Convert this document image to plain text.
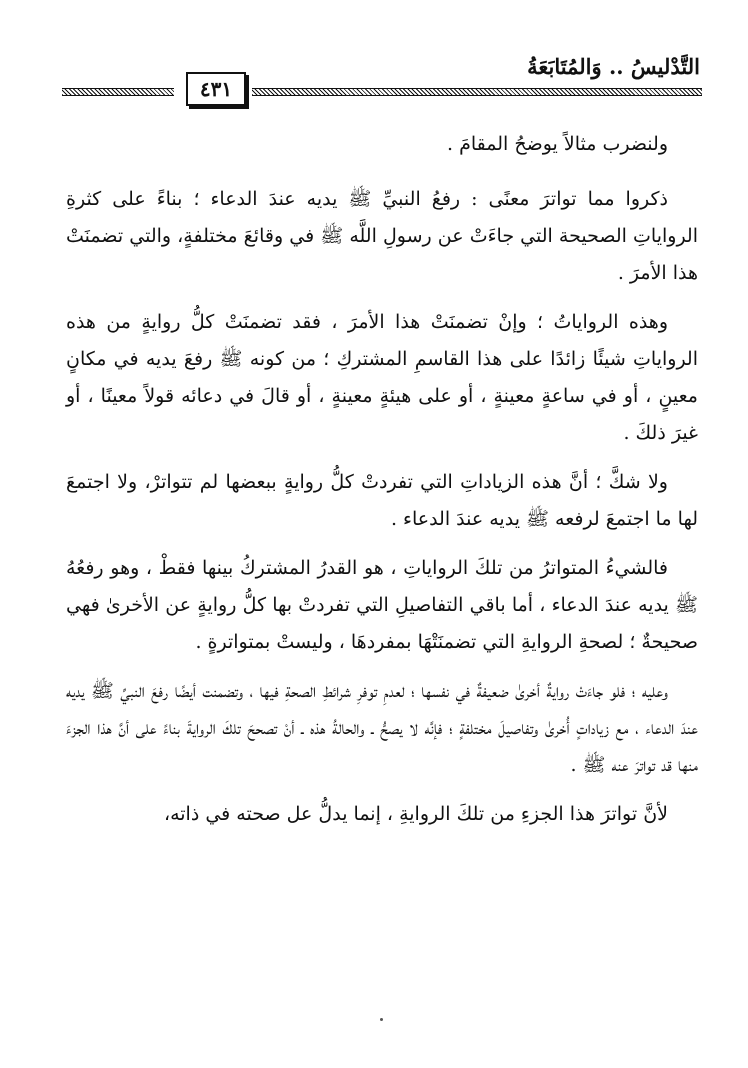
التَّدْليسُ .. وَالمُتَابَعَةُ
٤٣١

ولنضرب مثالاً يوضحُ المقامَ .

ذكروا مما تواترَ معنًى : رفعُ النبيِّ ﷺ يديه عندَ الدعاء ؛ بناءً على كثرةِ الرواياتِ الصحيحة التي جاءَتْ عن رسولِ اللَّه ﷺ في وقائعَ مختلفةٍ، والتي تضمنَتْ هذا الأمرَ .

وهذه الرواياتُ ؛ وإنْ تضمنَتْ هذا الأمرَ ، فقد تضمنَتْ كلُّ روايةٍ من هذه الرواياتِ شيئًا زائدًا على هذا القاسمِ المشتركِ ؛ من كونه ﷺ رفعَ يديه في مكانٍ معينٍ ، أو في ساعةٍ معينةٍ ، أو على هيئةٍ معينةٍ ، أو قالَ في دعائه قولاً معينًا ، أو غيرَ ذلكَ .

ولا شكَّ ؛ أنَّ هذه الزياداتِ التي تفردتْ كلُّ روايةٍ ببعضها لم تتواترْ، ولا اجتمعَ لها ما اجتمعَ لرفعه ﷺ يديه عندَ الدعاء .

فالشيءُ المتواترُ من تلكَ الرواياتِ ، هو القدرُ المشتركُ بينها فقطْ ، وهو رفعُهُ ﷺ يديه عندَ الدعاء ، أما باقي التفاصيلِ التي تفردتْ بها كلُّ روايةٍ عن الأخرىٰ فهي صحيحةٌ ؛ لصحةِ الروايةِ التي تضمنَتْهَا بمفردهَا ، وليستْ بمتواترةٍ .

وعليه ؛ فلو جاءَتْ روايةٌ أخرىٰ ضعيفةٌ في نفسها ؛ لعدمِ توفرِ شرائطِ الصحةِ فيها ، وتضمنت أيضًا رفعَ النبيِّ ﷺ يديه عندَ الدعاء ، مع زياداتٍ أُخرىٰ وتفاصيلَ مختلفةٍ ؛ فإنَّه لا يصحُّ ـ والحالةُ هذه ـ أنْ تصححَ تلكَ الروايةَ بناءً على أنَّ هذا الجزءَ منها قد تواترَ عنه ﷺ .

لأنَّ تواترَ هذا الجزءِ من تلكَ الروايةِ ، إنما يدلُّ عل صحته في ذاته،
